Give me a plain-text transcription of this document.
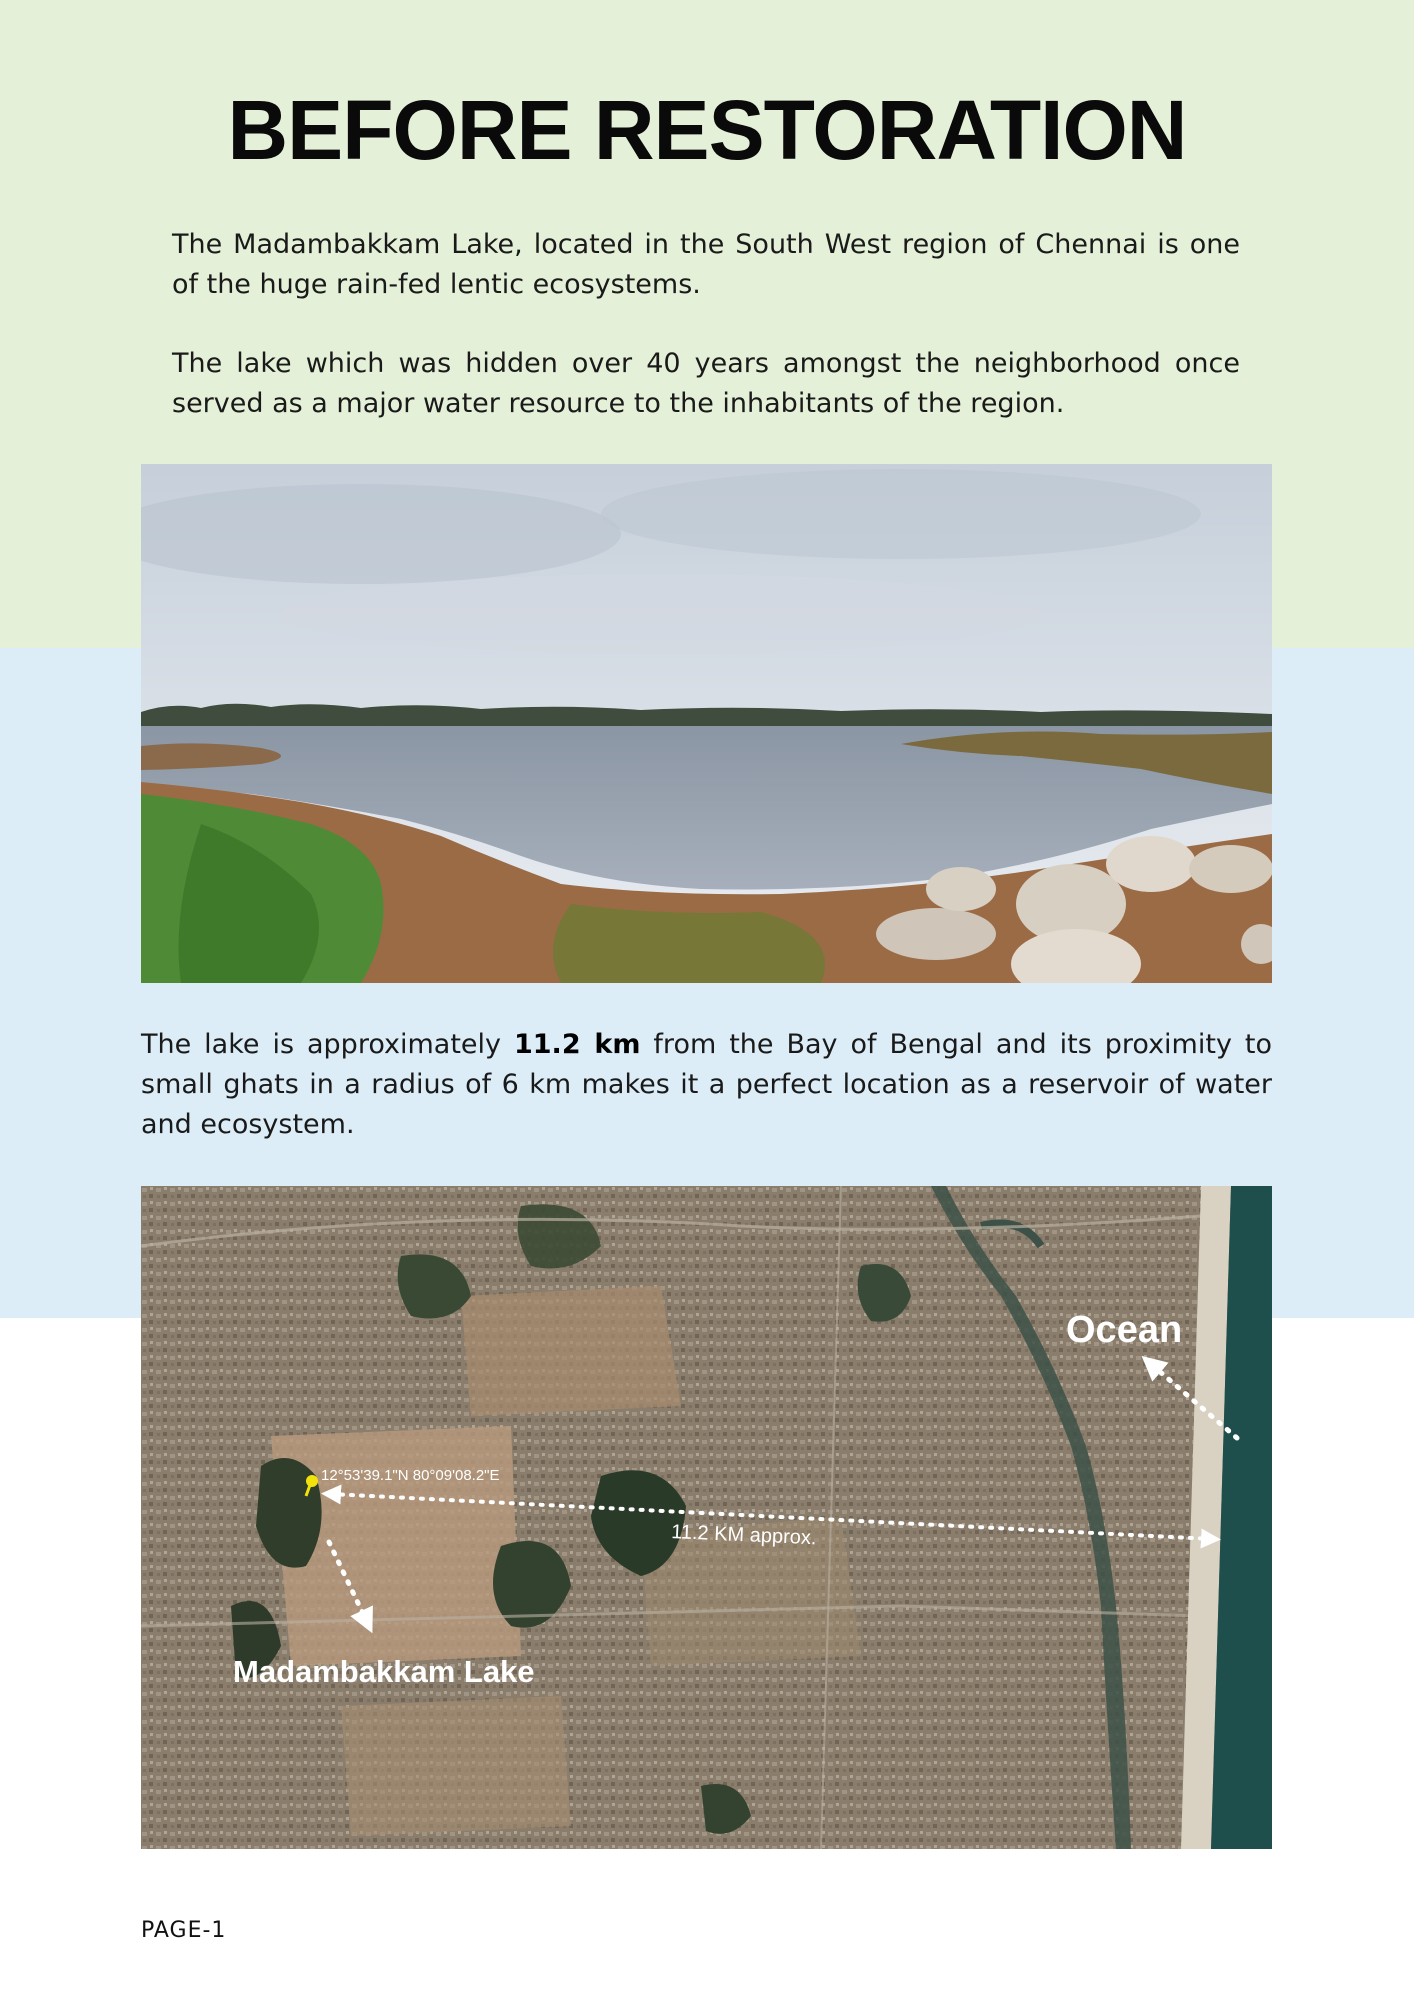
BEFORE RESTORATION

The Madambakkam Lake, located in the South West region of Chennai is one of the huge rain-fed lentic ecosystems.

The lake which was hidden over 40 years amongst the neighborhood once served as a major water resource to the inhabitants of the region.

The lake is approximately 11.2 km from the Bay of Bengal and its proximity to small ghats in a radius of 6 km makes it a perfect location as a reservoir of water and ecosystem.

12°53'39.1"N 80°09'08.2"E
11.2 KM approx.
Ocean
Madambakkam Lake

PAGE-1
